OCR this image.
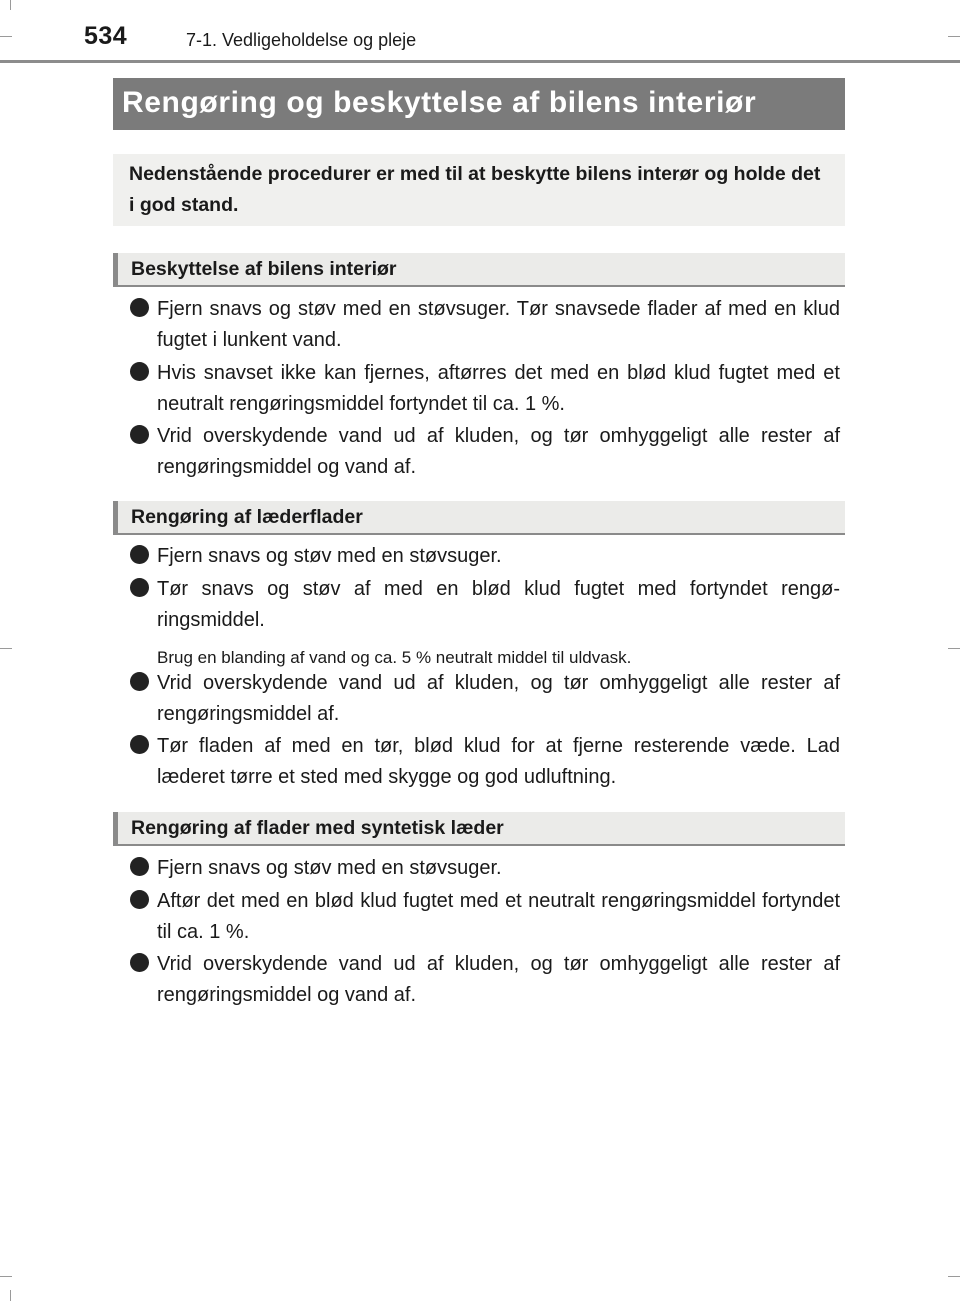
534	7-1. Vedligeholdelse og pleje
Rengøring og beskyttelse af bilens interiør
Nedenstående procedurer er med til at beskytte bilens interør og holde det i god stand.
Beskyttelse af bilens interiør
Fjern snavs og støv med en støvsuger. Tør snavsede flader af med en klud fugtet i lunkent vand.
Hvis snavset ikke kan fjernes, aftørres det med en blød klud fugtet med et neutralt rengøringsmiddel fortyndet til ca. 1 %.
Vrid overskydende vand ud af kluden, og tør omhyggeligt alle rester af rengøringsmiddel og vand af.
Rengøring af læderflader
Fjern snavs og støv med en støvsuger.
Tør snavs og støv af med en blød klud fugtet med fortyndet rengø-ringsmiddel.
Brug en blanding af vand og ca. 5 % neutralt middel til uldvask.
Vrid overskydende vand ud af kluden, og tør omhyggeligt alle rester af rengøringsmiddel af.
Tør fladen af med en tør, blød klud for at fjerne resterende væde. Lad læderet tørre et sted med skygge og god udluftning.
Rengøring af flader med syntetisk læder
Fjern snavs og støv med en støvsuger.
Aftør det med en blød klud fugtet med et neutralt rengøringsmiddel fortyndet til ca. 1 %.
Vrid overskydende vand ud af kluden, og tør omhyggeligt alle rester af rengøringsmiddel og vand af.
